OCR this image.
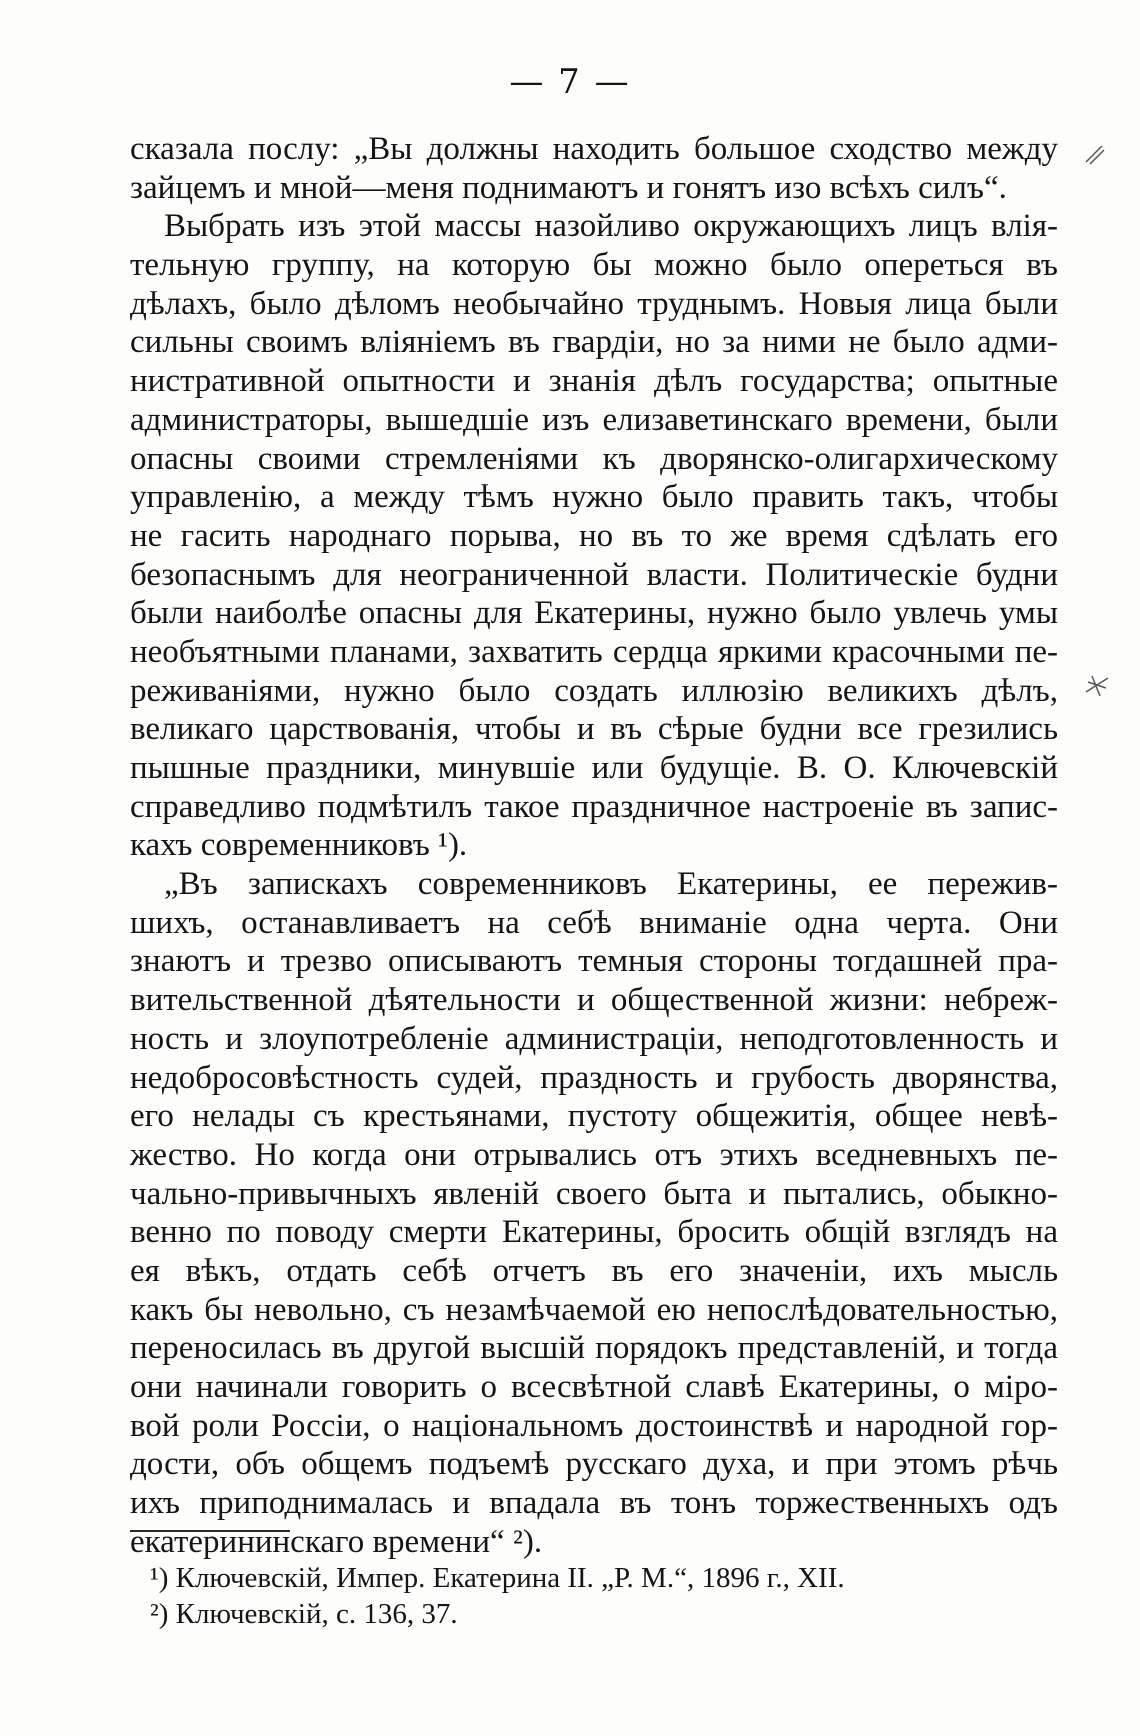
— 7 —
сказала послу: „Вы должны находить большое сходство между
зайцемъ и мной—меня поднимаютъ и гонятъ изо всѣхъ силъ“.
Выбрать изъ этой массы назойливо окружающихъ лицъ влія-
тельную группу, на которую бы можно было опереться въ
дѣлахъ, было дѣломъ необычайно труднымъ. Новыя лица были
сильны своимъ вліяніемъ въ гвардіи, но за ними не было адми-
нистративной опытности и знанія дѣлъ государства; опытные
администраторы, вышедшіе изъ елизаветинскаго времени, были
опасны своими стремленіями къ дворянско-олигархическому
управленію, а между тѣмъ нужно было править такъ, чтобы
не гасить народнаго порыва, но въ то же время сдѣлать его
безопаснымъ для неограниченной власти. Политическіе будни
были наиболѣе опасны для Екатерины, нужно было увлечь умы
необъятными планами, захватить сердца яркими красочными пе-
реживаніями, нужно было создать иллюзію великихъ дѣлъ,
великаго царствованія, чтобы и въ сѣрые будни все грезились
пышные праздники, минувшіе или будущіе. В. О. Ключевскій
справедливо подмѣтилъ такое праздничное настроеніе въ запис-
кахъ современниковъ ¹).
„Въ запискахъ современниковъ Екатерины, ее пережив-
шихъ, останавливаетъ на себѣ вниманіе одна черта. Они
знаютъ и трезво описываютъ темныя стороны тогдашней пра-
вительственной дѣятельности и общественной жизни: небреж-
ность и злоупотребленіе администраціи, неподготовленность и
недобросовѣстность судей, праздность и грубость дворянства,
его нелады съ крестьянами, пустоту общежитія, общее невѣ-
жество. Но когда они отрывались отъ этихъ вседневныхъ пе-
чально-привычныхъ явленій своего быта и пытались, обыкно-
венно по поводу смерти Екатерины, бросить общій взглядъ на
ея вѣкъ, отдать себѣ отчетъ въ его значеніи, ихъ мысль
какъ бы невольно, съ незамѣчаемой ею непослѣдовательностью,
переносилась въ другой высшій порядокъ представленій, и тогда
они начинали говорить о всесвѣтной славѣ Екатерины, о міро-
вой роли Россіи, о національномъ достоинствѣ и народной гор-
дости, объ общемъ подъемѣ русскаго духа, и при этомъ рѣчь
ихъ приподнималась и впадала въ тонъ торжественныхъ одъ
екатерининскаго времени“ ²).
¹) Ключевскій, Импер. Екатерина II. „Р. М.“, 1896 г., XII.
²) Ключевскій, с. 136, 37.
